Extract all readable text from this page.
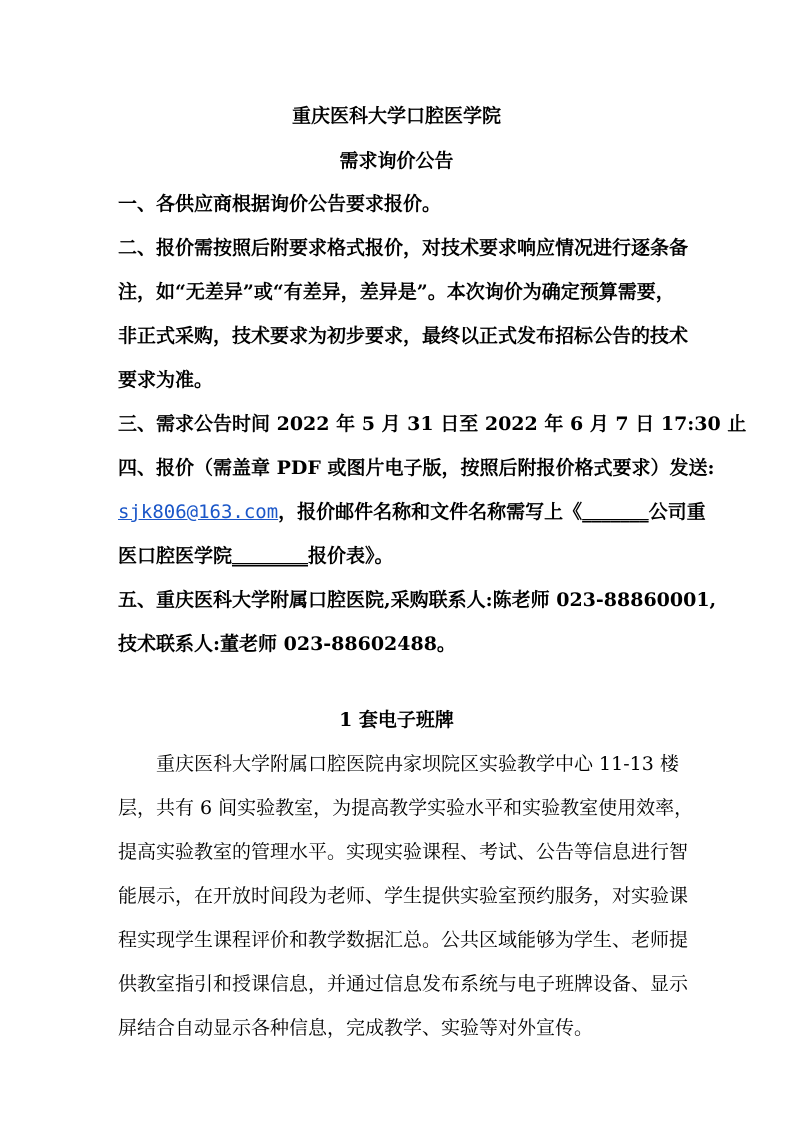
重庆医科大学口腔医学院
需求询价公告
一、各供应商根据询价公告要求报价。
二、报价需按照后附要求格式报价，对技术要求响应情况进行逐条备
注，如“无差异”或“有差异，差异是”。本次询价为确定预算需要，
非正式采购，技术要求为初步要求，最终以正式发布招标公告的技术
要求为准。
三、需求公告时间 2022 年 5 月 31 日至 2022 年 6 月 7 日 17:30 止
四、报价（需盖章 PDF 或图片电子版，按照后附报价格式要求）发送:
sjk806@163.com，报价邮件名称和文件名称需写上《_______公司重
医口腔医学院________报价表》。
五、重庆医科大学附属口腔医院,采购联系人:陈老师 023-88860001,
技术联系人:董老师 023-88602488。
1 套电子班牌
　　重庆医科大学附属口腔医院冉家坝院区实验教学中心 11-13 楼
层，共有 6 间实验教室，为提高教学实验水平和实验教室使用效率，
提高实验教室的管理水平。实现实验课程、考试、公告等信息进行智
能展示，在开放时间段为老师、学生提供实验室预约服务，对实验课
程实现学生课程评价和教学数据汇总。公共区域能够为学生、老师提
供教室指引和授课信息，并通过信息发布系统与电子班牌设备、显示
屏结合自动显示各种信息，完成教学、实验等对外宣传。
